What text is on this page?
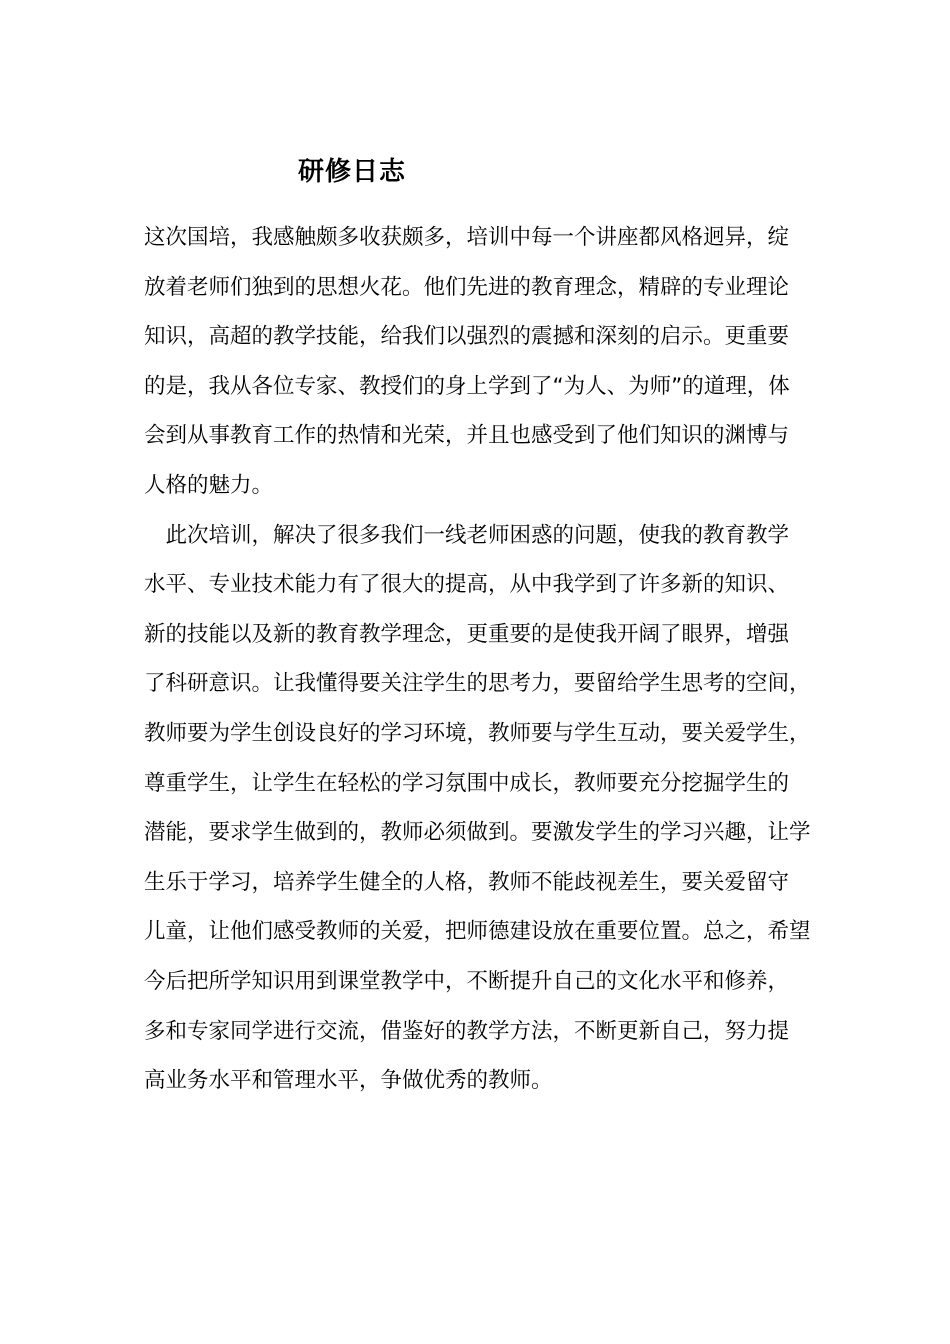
研修日志
这次国培，我感触颇多收获颇多，培训中每一个讲座都风格迥异，绽
放着老师们独到的思想火花。他们先进的教育理念，精辟的专业理论
知识，高超的教学技能，给我们以强烈的震撼和深刻的启示。更重要
的是，我从各位专家、教授们的身上学到了“为人、为师”的道理，体
会到从事教育工作的热情和光荣，并且也感受到了他们知识的渊博与
人格的魅力。
　此次培训，解决了很多我们一线老师困惑的问题，使我的教育教学
水平、专业技术能力有了很大的提高，从中我学到了许多新的知识、
新的技能以及新的教育教学理念，更重要的是使我开阔了眼界，增强
了科研意识。让我懂得要关注学生的思考力，要留给学生思考的空间，
教师要为学生创设良好的学习环境，教师要与学生互动，要关爱学生，
尊重学生，让学生在轻松的学习氛围中成长，教师要充分挖掘学生的
潜能，要求学生做到的，教师必须做到。要激发学生的学习兴趣，让学
生乐于学习，培养学生健全的人格，教师不能歧视差生，要关爱留守
儿童，让他们感受教师的关爱，把师德建设放在重要位置。总之，希望
今后把所学知识用到课堂教学中，不断提升自己的文化水平和修养，
多和专家同学进行交流，借鉴好的教学方法，不断更新自己，努力提
高业务水平和管理水平，争做优秀的教师。
